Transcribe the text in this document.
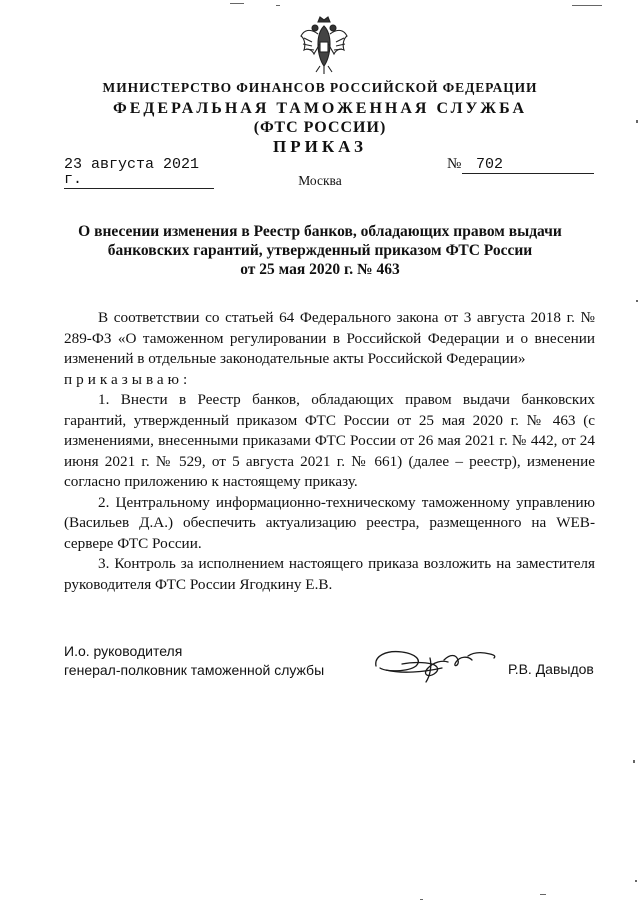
МИНИСТЕРСТВО ФИНАНСОВ РОССИЙСКОЙ ФЕДЕРАЦИИ
ФЕДЕРАЛЬНАЯ ТАМОЖЕННАЯ СЛУЖБА
(ФТС РОССИИ)
ПРИКАЗ
23 августа 2021 г.
№ 702
Москва
О внесении изменения в Реестр банков, обладающих правом выдачи
банковских гарантий, утвержденный приказом ФТС России
от 25 мая 2020 г. № 463

В соответствии со статьей 64 Федерального закона от 3 августа 2018 г. № 289-ФЗ «О таможенном регулировании в Российской Федерации и о внесении изменений в отдельные законодательные акты Российской Федерации»

приказываю:

1. Внести в Реестр банков, обладающих правом выдачи банковских гарантий, утвержденный приказом ФТС России от 25 мая 2020 г. № 463 (с изменениями, внесенными приказами ФТС России от 26 мая 2021 г. № 442, от 24 июня 2021 г. № 529, от 5 августа 2021 г. № 661) (далее – реестр), изменение согласно приложению к настоящему приказу.

2. Центральному информационно-техническому таможенному управлению (Васильев Д.А.) обеспечить актуализацию реестра, размещенного на WEB-сервере ФТС России.

3. Контроль за исполнением настоящего приказа возложить на заместителя руководителя ФТС России Ягодкину Е.В.

И.о. руководителя
генерал-полковник таможенной службы	Р.В. Давыдов
